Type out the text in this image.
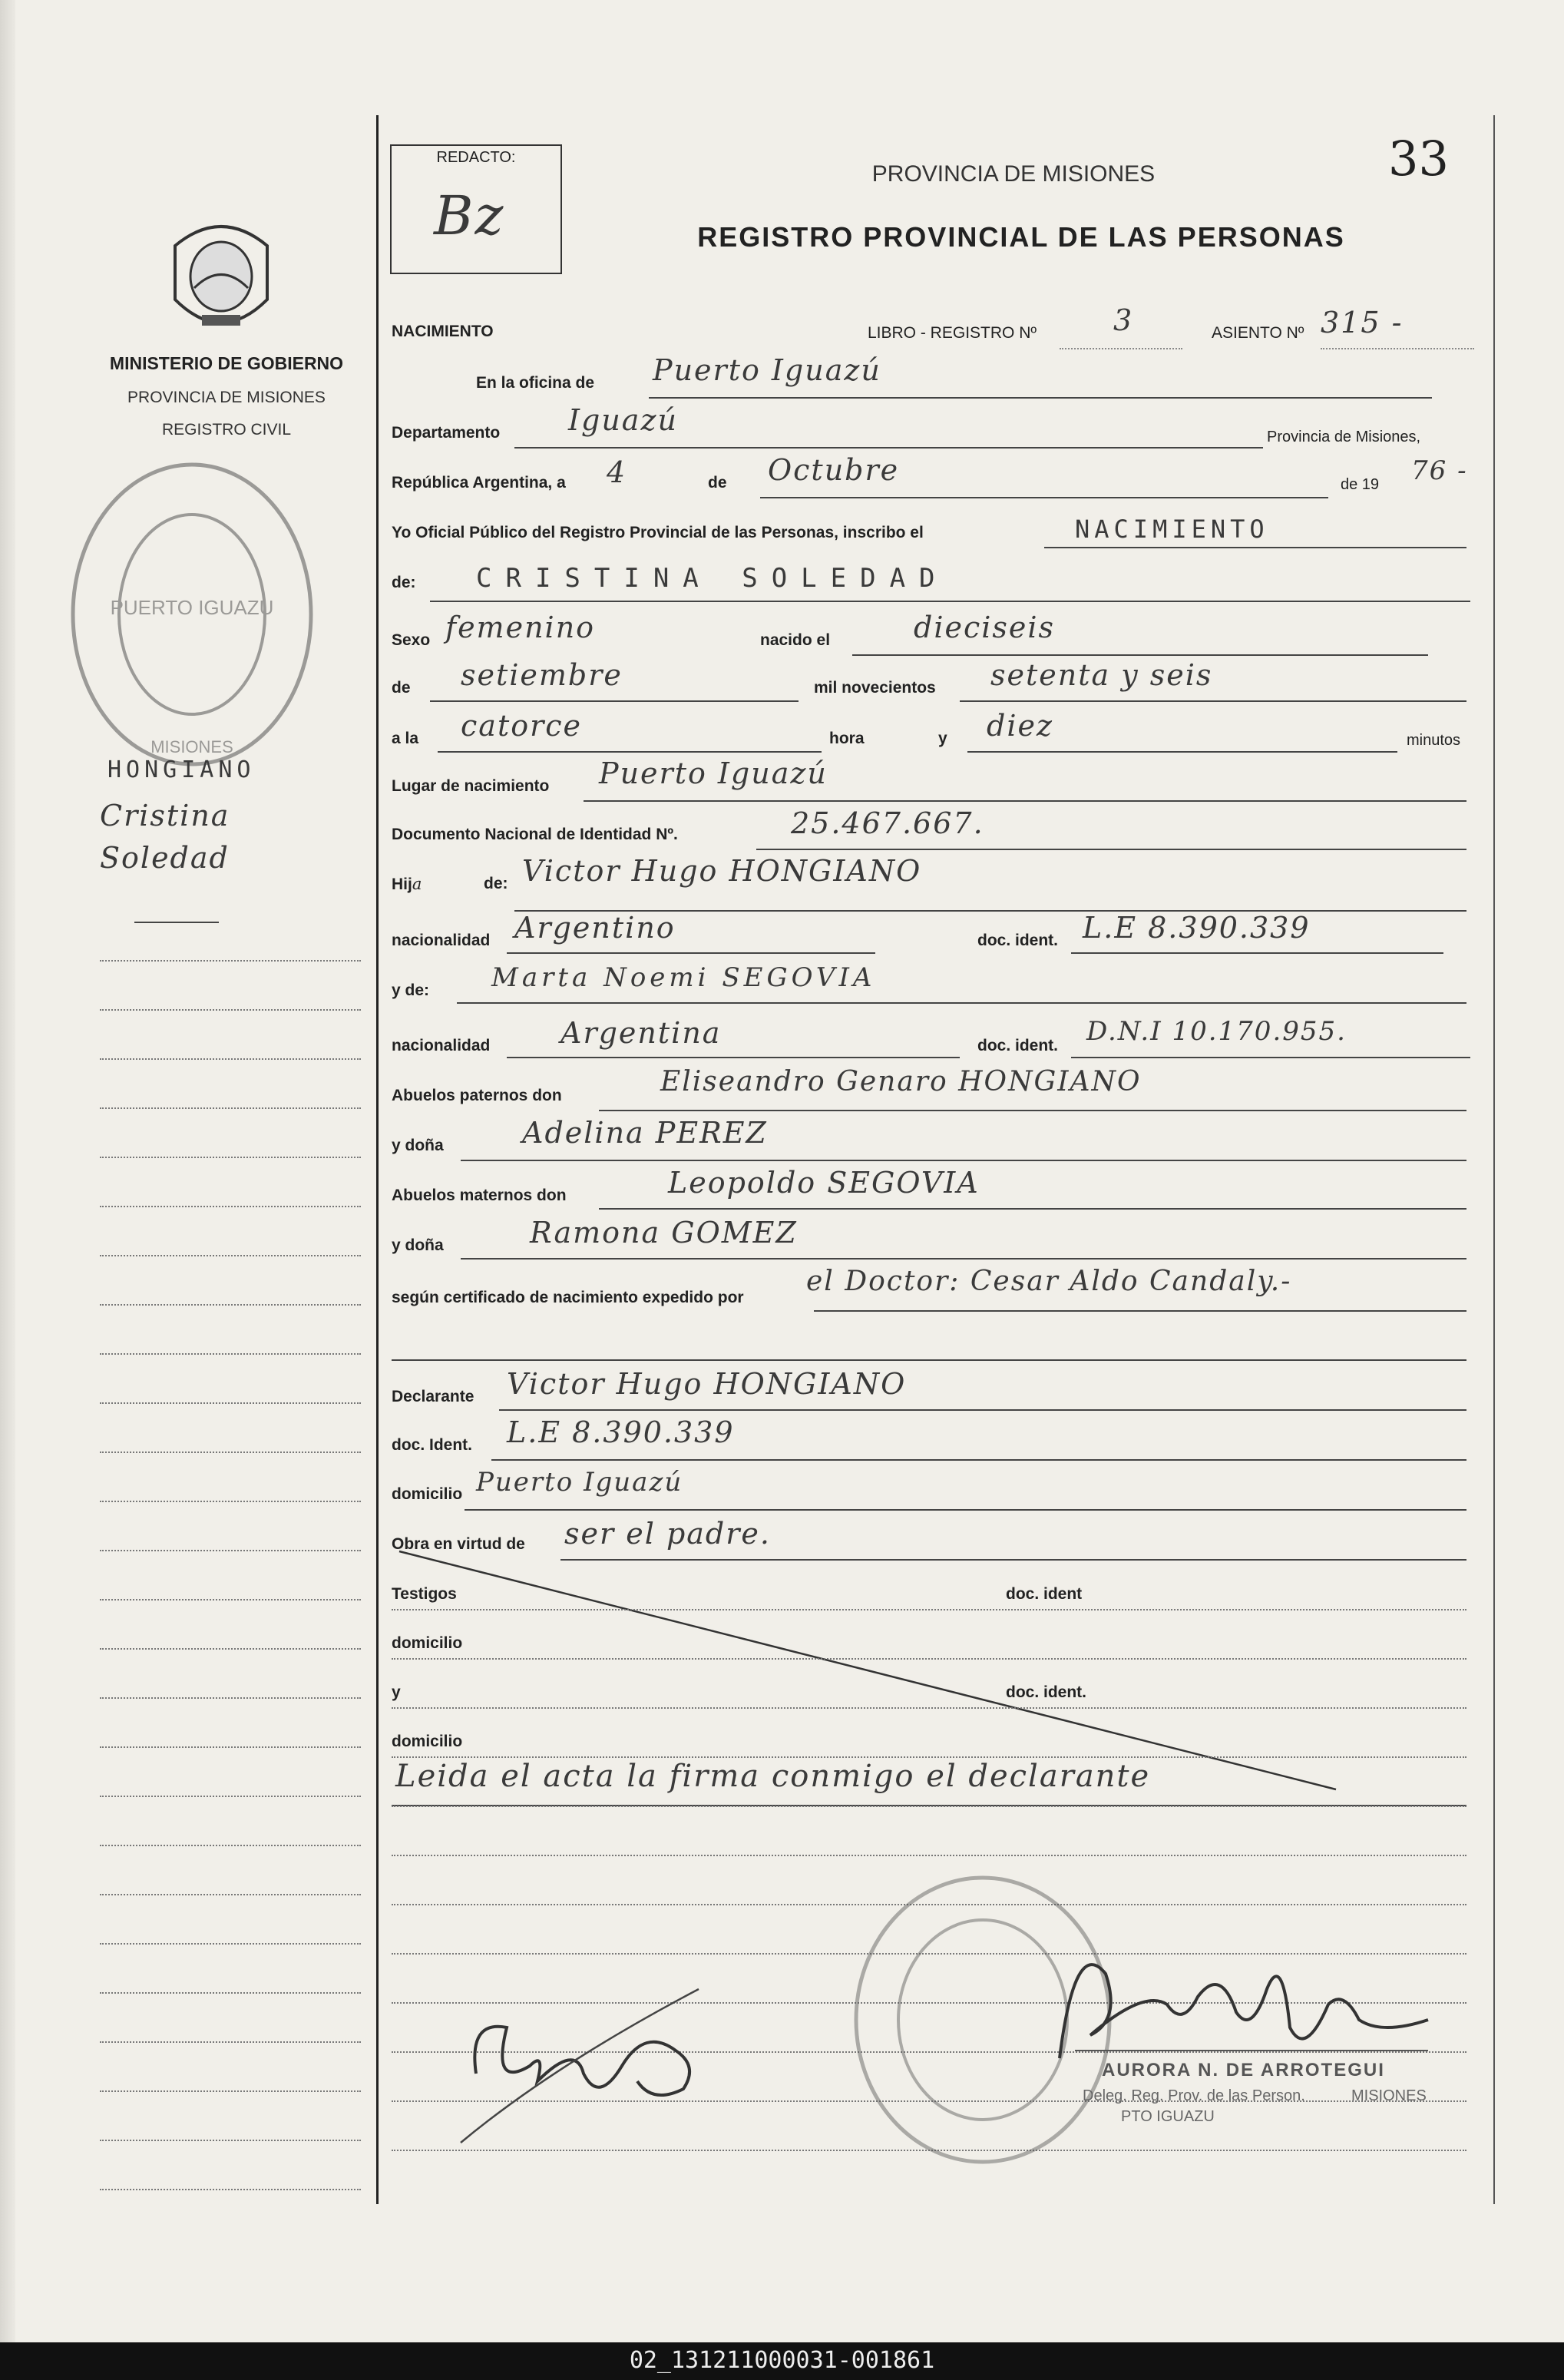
REDACTO:
Bz
33
PROVINCIA DE MISIONES
REGISTRO PROVINCIAL DE LAS PERSONAS
MINISTERIO DE GOBIERNO
PROVINCIA DE MISIONES
REGISTRO CIVIL
PUERTO IGUAZU
MISIONES
HONGIANO
Cristina
Soledad
NACIMIENTO	LIBRO - REGISTRO Nº	3	ASIENTO Nº 315 -
En la oficina de Puerto Iguazú
Departamento Iguazú	Provincia de Misiones,
República Argentina, a 4	de Octubre	de 19 76 -
Yo Oficial Público del Registro Provincial de las Personas, inscribo el	NACIMIENTO
de: CRISTINA SOLEDAD
Sexo femenino	nacido el	dieciseis
de setiembre	mil novecientos setenta y seis
a la catorce	hora	y diez	minutos
Lugar de nacimiento Puerto Iguazú
Documento Nacional de Identidad Nº.	25.467.667.
Hija	de: Victor Hugo HONGIANO
nacionalidad Argentino	doc. ident. L.E 8.390.339
y de: Marta Noemi SEGOVIA
nacionalidad Argentina	doc. ident. D.N.I 10.170.955.
Abuelos paternos don	Eliseandro Genaro HONGIANO
y doña	Adelina PEREZ
Abuelos maternos don	Leopoldo SEGOVIA
y doña	Ramona GOMEZ
según certificado de nacimiento expedido por
el Doctor: Cesar Aldo Candaly.-
Declarante Victor Hugo HONGIANO
doc. Ident. L.E 8.390.339
domicilio Puerto Iguazú
Obra en virtud de ser el padre.
Testigos	doc. ident
domicilio
y	doc. ident.
domicilio
Leida el acta la firma conmigo el declarante
AURORA N. DE ARROTEGUI
Deleg. Reg. Prov. de las Person.	MISIONES
PTO IGUAZU
02_131211000031-001861
